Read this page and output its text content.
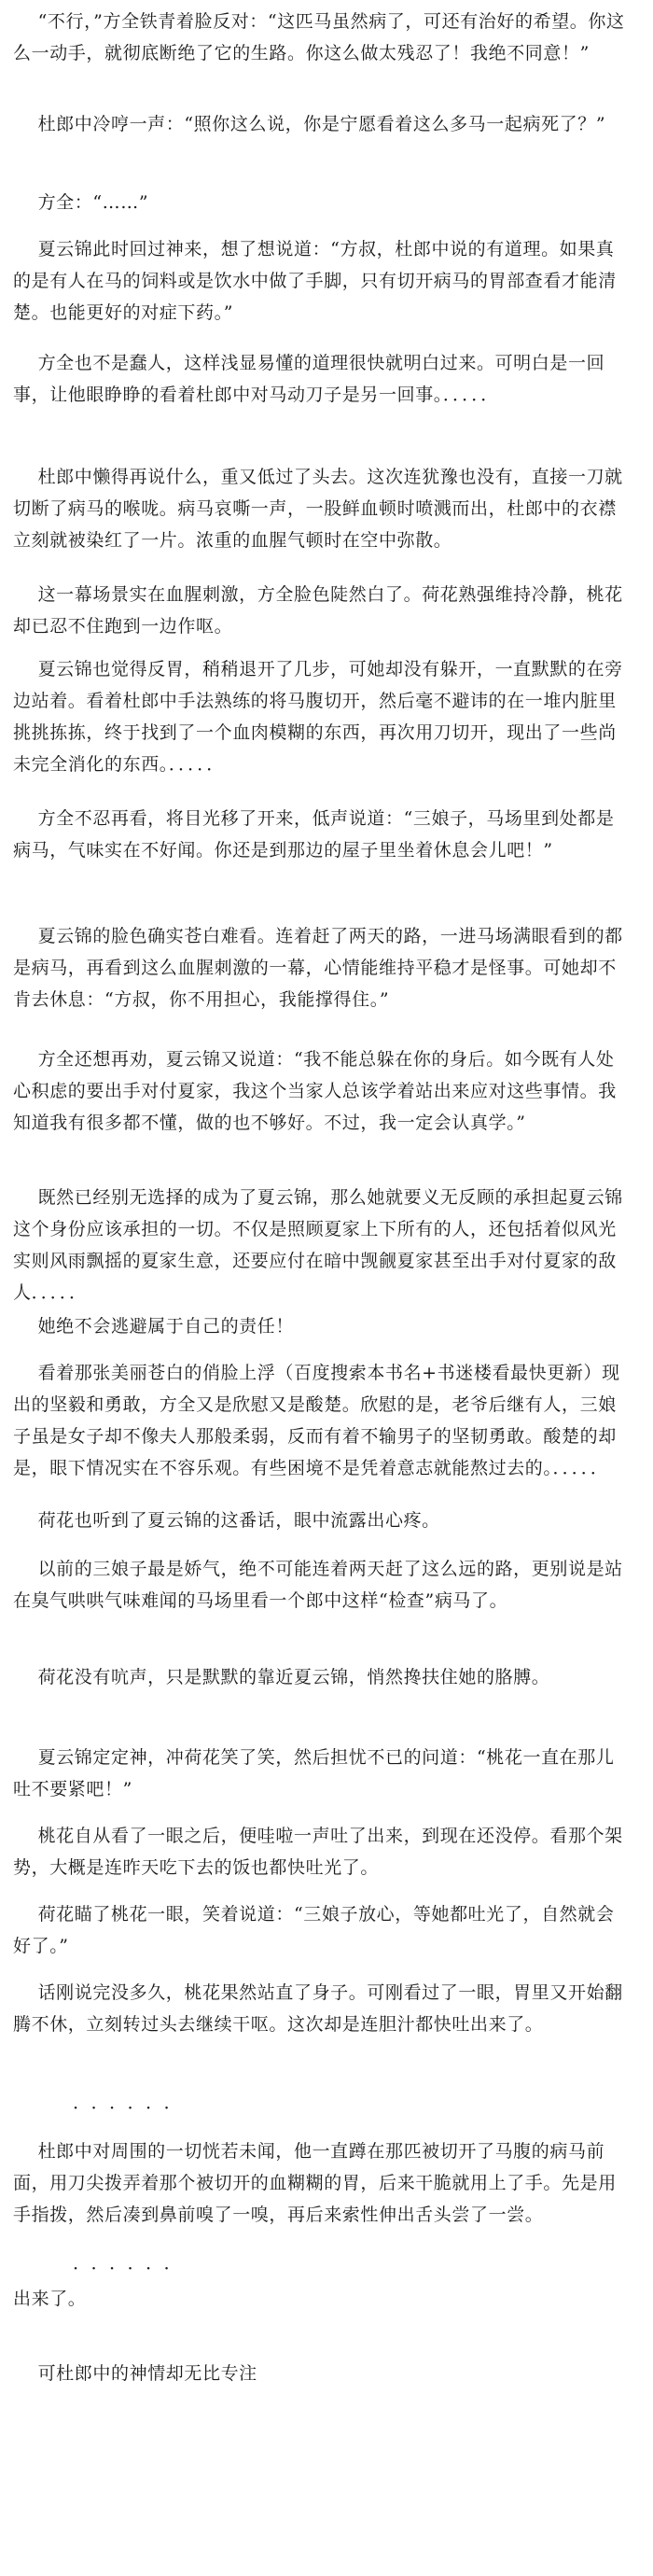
“不行，”方全铁青着脸反对：“这匹马虽然病了，可还有治好的希望。你这么一动手，就彻底断绝了它的生路。你这么做太残忍了！我绝不同意！”

杜郎中冷哼一声：“照你这么说，你是宁愿看着这么多马一起病死了？”

方全：“……”

夏云锦此时回过神来，想了想说道：“方叔，杜郎中说的有道理。如果真的是有人在马的饲料或是饮水中做了手脚，只有切开病马的胃部查看才能清楚。也能更好的对症下药。”

方全也不是蠢人，这样浅显易懂的道理很快就明白过来。可明白是一回事，让他眼睁睁的看着杜郎中对马动刀子是另一回事。．．．．．

杜郎中懒得再说什么，重又低过了头去。这次连犹豫也没有，直接一刀就切断了病马的喉咙。病马哀嘶一声，一股鲜血顿时喷溅而出，杜郎中的衣襟立刻就被染红了一片。浓重的血腥气顿时在空中弥散。

这一幕场景实在血腥刺激，方全脸色陡然白了。荷花熟强维持冷静，桃花却已忍不住跑到一边作呕。

夏云锦也觉得反胃，稍稍退开了几步，可她却没有躲开，一直默默的在旁边站着。看着杜郎中手法熟练的将马腹切开，然后毫不避讳的在一堆内脏里挑挑拣拣，终于找到了一个血肉模糊的东西，再次用刀切开，现出了一些尚未完全消化的东西。．．．．．

方全不忍再看，将目光移了开来，低声说道：“三娘子，马场里到处都是病马，气味实在不好闻。你还是到那边的屋子里坐着休息会儿吧！”

夏云锦的脸色确实苍白难看。连着赶了两天的路，一进马场满眼看到的都是病马，再看到这么血腥刺激的一幕，心情能维持平稳才是怪事。可她却不肯去休息：“方叔，你不用担心，我能撑得住。”

方全还想再劝，夏云锦又说道：“我不能总躲在你的身后。如今既有人处心积虑的要出手对付夏家，我这个当家人总该学着站出来应对这些事情。我知道我有很多都不懂，做的也不够好。不过，我一定会认真学。”

既然已经别无选择的成为了夏云锦，那么她就要义无反顾的承担起夏云锦这个身份应该承担的一切。不仅是照顾夏家上下所有的人，还包括着似风光实则风雨飘摇的夏家生意，还要应付在暗中觊觎夏家甚至出手对付夏家的敌人．．．．．

她绝不会逃避属于自己的责任！

看着那张美丽苍白的俏脸上浮（百度搜索本书名+书迷楼看最快更新）现出的坚毅和勇敢，方全又是欣慰又是酸楚。欣慰的是，老爷后继有人，三娘子虽是女子却不像夫人那般柔弱，反而有着不输男子的坚韧勇敢。酸楚的却是，眼下情况实在不容乐观。有些困境不是凭着意志就能熬过去的。．．．．．

荷花也听到了夏云锦的这番话，眼中流露出心疼。

以前的三娘子最是娇气，绝不可能连着两天赶了这么远的路，更别说是站在臭气哄哄气味难闻的马场里看一个郎中这样“检查”病马了。

荷花没有吭声，只是默默的靠近夏云锦，悄然搀扶住她的胳膊。

夏云锦定定神，冲荷花笑了笑，然后担忧不已的问道：“桃花一直在那儿吐不要紧吧！”

桃花自从看了一眼之后，便哇啦一声吐了出来，到现在还没停。看那个架势，大概是连昨天吃下去的饭也都快吐光了。

荷花瞄了桃花一眼，笑着说道：“三娘子放心，等她都吐光了，自然就会好了。”

话刚说完没多久，桃花果然站直了身子。可刚看过了一眼，胃里又开始翻腾不休，立刻转过头去继续干呕。这次却是连胆汁都快吐出来了。

．．．．．．

杜郎中对周围的一切恍若未闻，他一直蹲在那匹被切开了马腹的病马前面，用刀尖拨弄着那个被切开的血糊糊的胃，后来干脆就用上了手。先是用手指拨，然后凑到鼻前嗅了一嗅，再后来索性伸出舌头尝了一尝。

．．．．．．

出来了。

可杜郎中的神情却无比专注
